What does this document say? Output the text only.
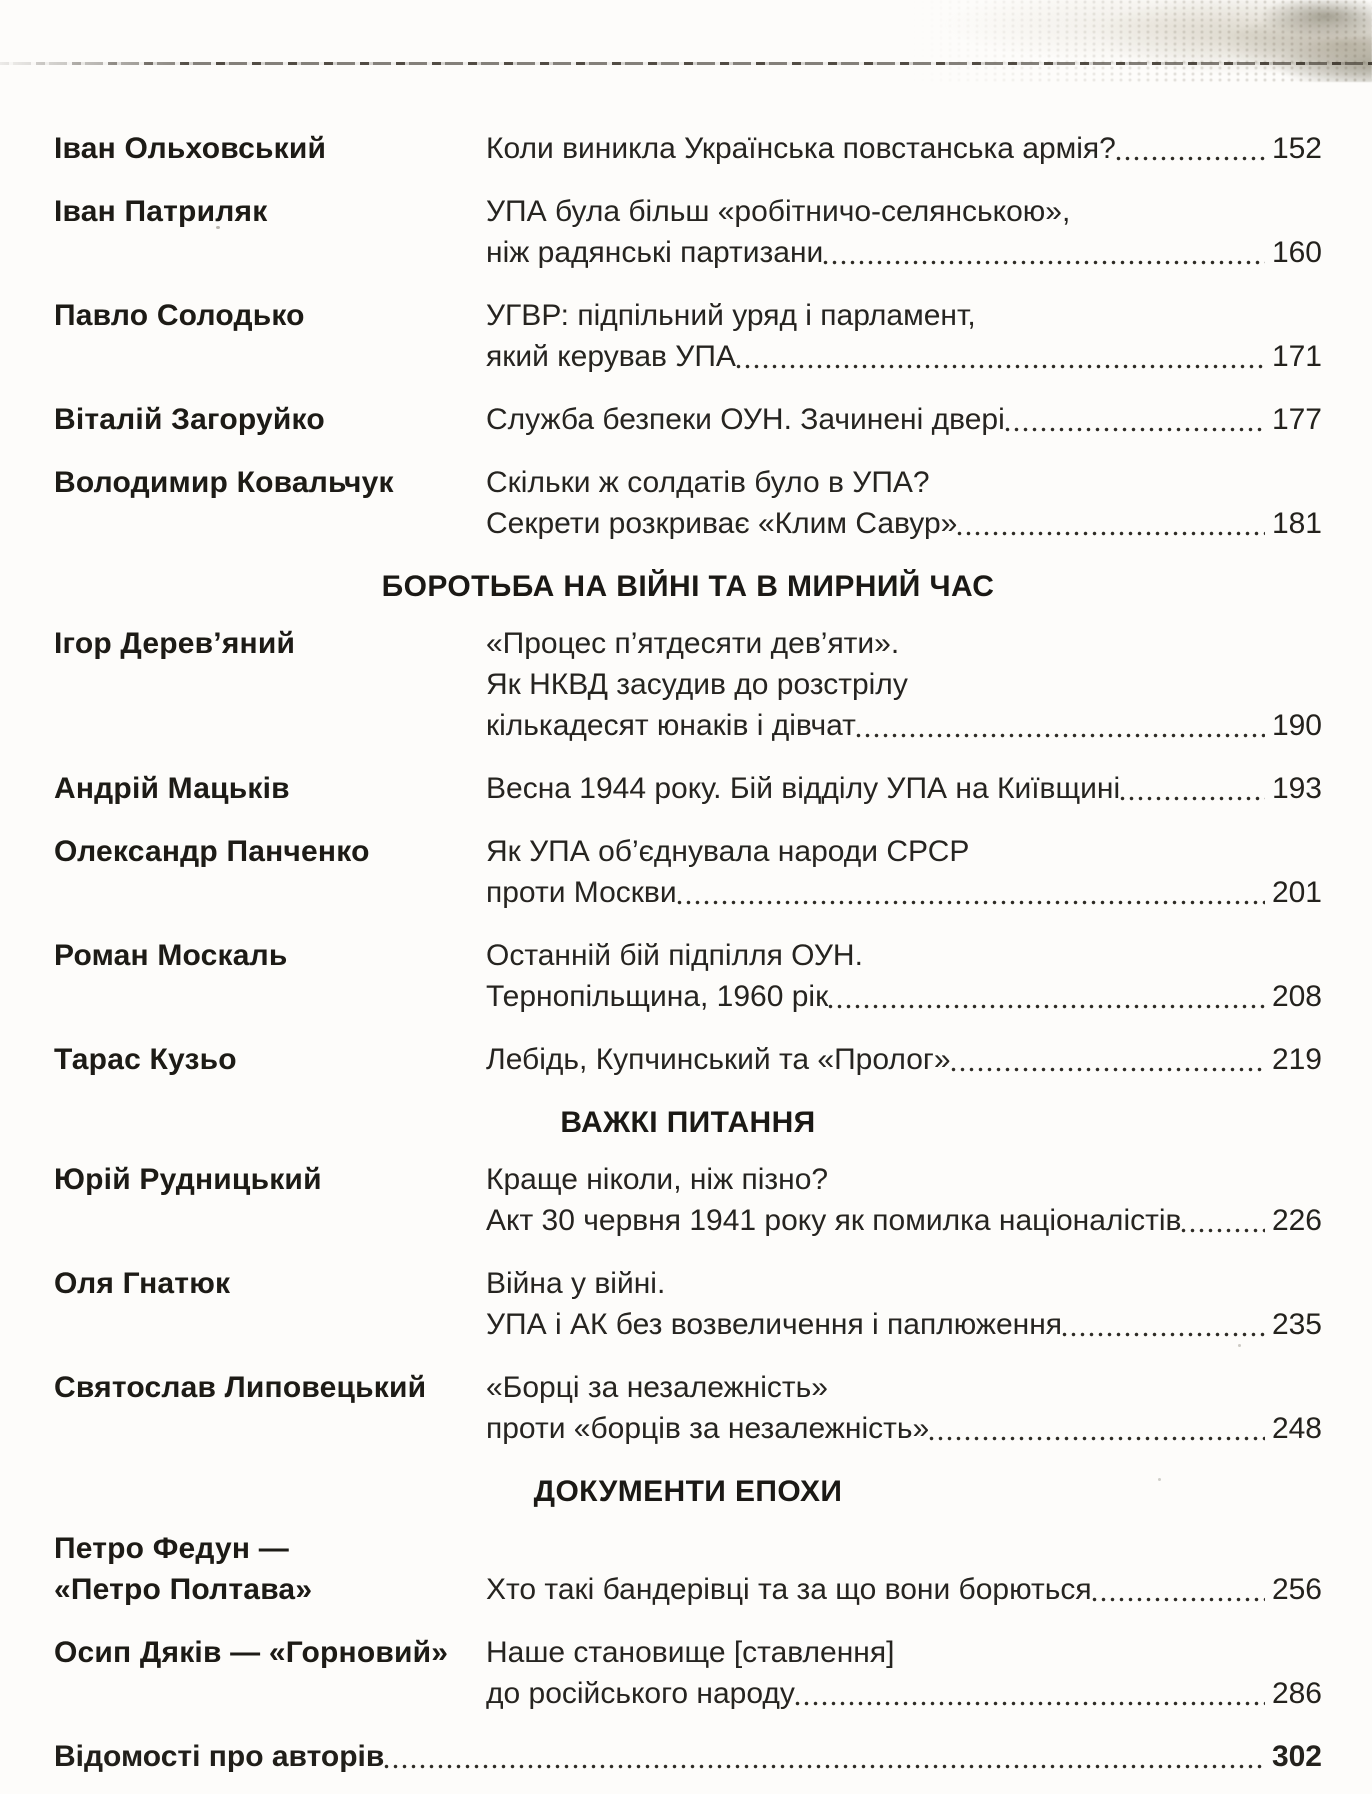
Іван Ольховський	Коли виникла Українська повстанська армія?	152
Іван Патриляк	УПА була більш «робітничо-селянською»,
ніж радянські партизани	160
Павло Солодько	УГВР: підпільний уряд і парламент,
який керував УПА	171
Віталій Загоруйко	Служба безпеки ОУН. Зачинені двері	177
Володимир Ковальчук	Скільки ж солдатів було в УПА?
Секрети розкриває «Клим Савур»	181
БОРОТЬБА НА ВІЙНІ ТА В МИРНИЙ ЧАС
Ігор Дерев’яний	«Процес п’ятдесяти дев’яти».
Як НКВД засудив до розстрілу
кількадесят юнаків і дівчат	190
Андрій Мацьків	Весна 1944 року. Бій відділу УПА на Київщині	193
Олександр Панченко	Як УПА об’єднувала народи СРСР
проти Москви	201
Роман Москаль	Останній бій підпілля ОУН.
Тернопільщина, 1960 рік	208
Тарас Кузьо	Лебідь, Купчинський та «Пролог»	219
ВАЖКІ ПИТАННЯ
Юрій Рудницький	Краще ніколи, ніж пізно?
Акт 30 червня 1941 року як помилка націоналістів	226
Оля Гнатюк	Війна у війні.
УПА і АК без возвеличення і паплюження	235
Святослав Липовецький	«Борці за незалежність»
проти «борців за незалежність»	248
ДОКУМЕНТИ ЕПОХИ
Петро Федун —
«Петро Полтава»	Хто такі бандерівці та за що вони борються	256
Осип Дяків — «Горновий»	Наше становище [ставлення]
до російського народу	286
Відомості про авторів	302
